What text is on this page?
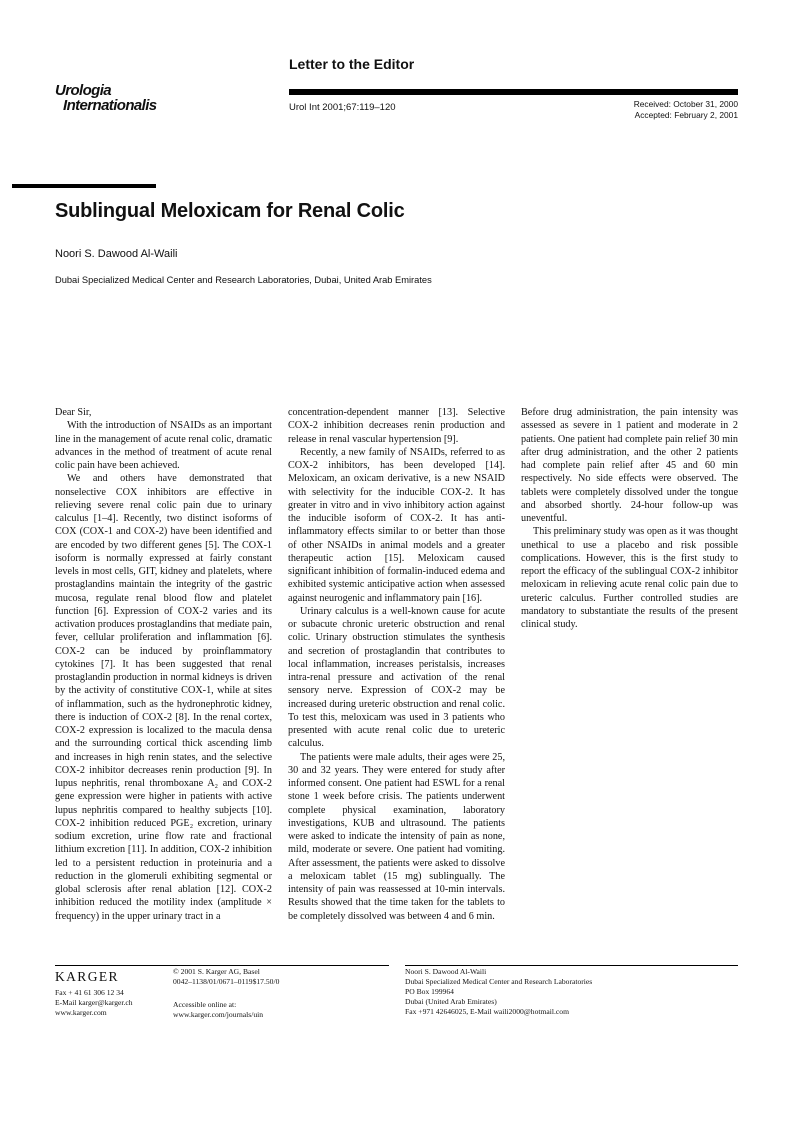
Urologia
Internationalis
Letter to the Editor
Urol Int 2001;67:119–120	Received: October 31, 2000
Accepted: February 2, 2001
Sublingual Meloxicam for Renal Colic
Noori S. Dawood Al-Waili
Dubai Specialized Medical Center and Research Laboratories, Dubai, United Arab Emirates

Dear Sir,

With the introduction of NSAIDs as an important line in the management of acute renal colic, dramatic advances in the method of treatment of acute renal colic pain have been achieved.

We and others have demonstrated that nonselective COX inhibitors are effective in relieving severe renal colic pain due to urinary calculus [1–4]. Recently, two distinct isoforms of COX (COX-1 and COX-2) have been identified and are encoded by two different genes [5]. The COX-1 isoform is normally expressed at fairly constant levels in most cells, GIT, kidney and platelets, where prostaglandins maintain the integrity of the gastric mucosa, regulate renal blood flow and platelet function [6]. Expression of COX-2 varies and its activation produces prostaglandins that mediate pain, fever, cellular proliferation and inflammation [6]. COX-2 can be induced by proinflammatory cytokines [7]. It has been suggested that renal prostaglandin production in normal kidneys is driven by the activity of constitutive COX-1, while at sites of inflammation, such as the hydronephrotic kidney, there is induction of COX-2 [8]. In the renal cortex, COX-2 expression is localized to the macula densa and the surrounding cortical thick ascending limb and increases in high renin states, and the selective COX-2 inhibitor decreases renin production [9]. In lupus nephritis, renal thromboxane A₂ and COX-2 gene expression were higher in patients with active lupus nephritis compared to healthy subjects [10]. COX-2 inhibition reduced PGE₂ excretion, urinary sodium excretion, urine flow rate and fractional lithium excretion [11]. In addition, COX-2 inhibition led to a persistent reduction in proteinuria and a reduction in the glomeruli exhibiting segmental or global sclerosis after renal ablation [12]. COX-2 inhibition reduced the motility index (amplitude × frequency) in the upper urinary tract in a

concentration-dependent manner [13]. Selective COX-2 inhibition decreases renin production and release in renal vascular hypertension [9].

Recently, a new family of NSAIDs, referred to as COX-2 inhibitors, has been developed [14]. Meloxicam, an oxicam derivative, is a new NSAID with selectivity for the inducible COX-2. It has greater in vitro and in vivo inhibitory action against the inducible isoform of COX-2. It has anti-inflammatory effects similar to or better than those of other NSAIDs in animal models and a greater therapeutic action [15]. Meloxicam caused significant inhibition of formalin-induced edema and exhibited systemic anticipative action when assessed against neurogenic and inflammatory pain [16].

Urinary calculus is a well-known cause for acute or subacute chronic ureteric obstruction and renal colic. Urinary obstruction stimulates the synthesis and secretion of prostaglandin that contributes to local inflammation, increases peristalsis, increases intra-renal pressure and activation of the renal sensory nerve. Expression of COX-2 may be increased during ureteric obstruction and renal colic. To test this, meloxicam was used in 3 patients who presented with acute renal colic due to ureteric calculus.

The patients were male adults, their ages were 25, 30 and 32 years. They were entered for study after informed consent. One patient had ESWL for a renal stone 1 week before crisis. The patients underwent complete physical examination, laboratory investigations, KUB and ultrasound. The patients were asked to indicate the intensity of pain as none, mild, moderate or severe. One patient had vomiting. After assessment, the patients were asked to dissolve a meloxicam tablet (15 mg) sublingually. The intensity of pain was reassessed at 10-min intervals. Results showed that the time taken for the tablets to be completely dissolved was between 4 and 6 min.

Before drug administration, the pain intensity was assessed as severe in 1 patient and moderate in 2 patients. One patient had complete pain relief 30 min after drug administration, and the other 2 patients had complete pain relief after 45 and 60 min respectively. No side effects were observed. The tablets were completely dissolved under the tongue and absorbed shortly. 24-hour follow-up was uneventful.

This preliminary study was open as it was thought unethical to use a placebo and risk possible complications. However, this is the first study to report the efficacy of the sublingual COX-2 inhibitor meloxicam in relieving acute renal colic pain due to ureteric calculus. Further controlled studies are mandatory to substantiate the results of the present clinical study.

KARGER
Fax + 41 61 306 12 34
E-Mail karger@karger.ch
www.karger.com
© 2001 S. Karger AG, Basel
0042–1138/01/0671–0119$17.50/0
Accessible online at:
www.karger.com/journals/uin
Noori S. Dawood Al-Waili
Dubai Specialized Medical Center and Research Laboratories
PO Box 199964
Dubai (United Arab Emirates)
Fax +971 42646025, E-Mail waili2000@hotmail.com
